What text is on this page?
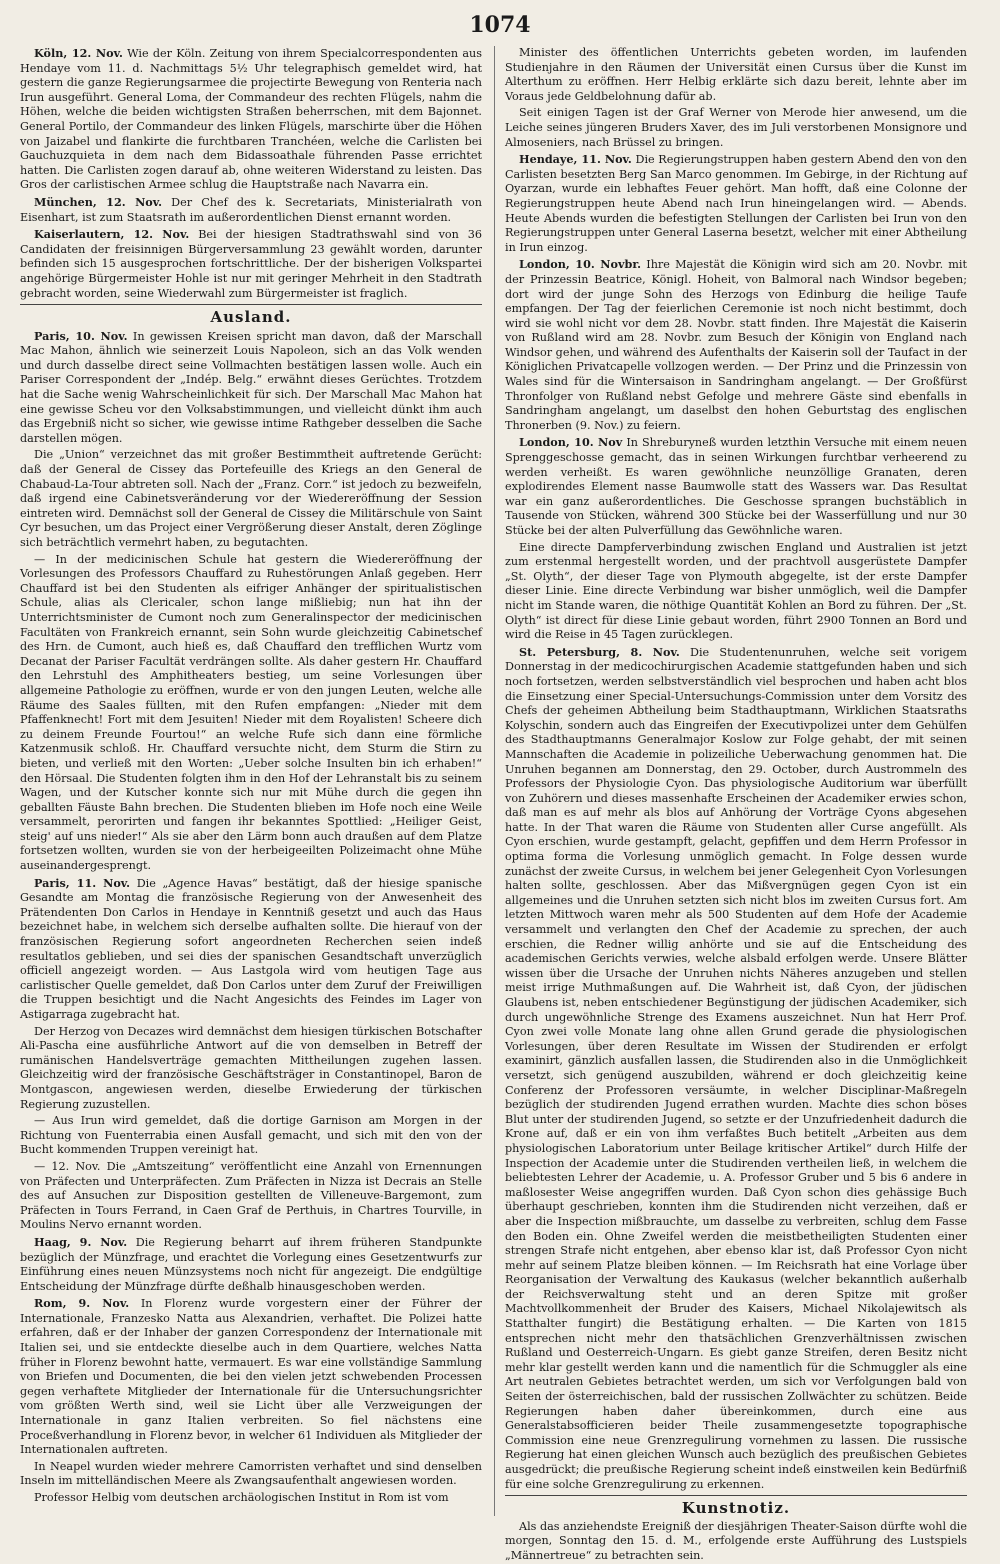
1074

Köln, 12. Nov. Wie der Köln. Zeitung von ihrem Specialcorrespondenten aus Hendaye vom 11. d. Nachmittags 5½ Uhr telegraphisch gemeldet wird, hat gestern die ganze Regierungsarmee die projectirte Bewegung von Renteria nach Irun ausgeführt. General Loma, der Commandeur des rechten Flügels, nahm die Höhen, welche die beiden wichtigsten Straßen beherrschen, mit dem Bajonnet. General Portilo, der Commandeur des linken Flügels, marschirte über die Höhen von Jaizabel und flankirte die furchtbaren Tranchéen, welche die Carlisten bei Gauchuzquieta in dem nach dem Bidassoathale führenden Passe errichtet hatten. Die Carlisten zogen darauf ab, ohne weiteren Widerstand zu leisten. Das Gros der carlistischen Armee schlug die Hauptstraße nach Navarra ein.

München, 12. Nov. Der Chef des k. Secretariats, Ministerialrath von Eisenhart, ist zum Staatsrath im außerordentlichen Dienst ernannt worden.

Kaiserlautern, 12. Nov. Bei der hiesigen Stadtrathswahl sind von 36 Candidaten der freisinnigen Bürgerversammlung 23 gewählt worden, darunter befinden sich 15 ausgesprochen fortschrittliche. Der der bisherigen Volkspartei angehörige Bürgermeister Hohle ist nur mit geringer Mehrheit in den Stadtrath gebracht worden, seine Wiederwahl zum Bürgermeister ist fraglich.

Ausland.

Paris, 10. Nov. In gewissen Kreisen spricht man davon, daß der Marschall Mac Mahon, ähnlich wie seinerzeit Louis Napoleon, sich an das Volk wenden und durch dasselbe direct seine Vollmachten bestätigen lassen wolle. Auch ein Pariser Correspondent der „Indép. Belg.“ erwähnt dieses Gerüchtes. Trotzdem hat die Sache wenig Wahrscheinlichkeit für sich. Der Marschall Mac Mahon hat eine gewisse Scheu vor den Volksabstimmungen, und vielleicht dünkt ihm auch das Ergebniß nicht so sicher, wie gewisse intime Rathgeber desselben die Sache darstellen mögen.

Die „Union“ verzeichnet das mit großer Bestimmtheit auftretende Gerücht: daß der General de Cissey das Portefeuille des Kriegs an den General de Chabaud-La-Tour abtreten soll. Nach der „Franz. Corr.“ ist jedoch zu bezweifeln, daß irgend eine Cabinetsveränderung vor der Wiedereröffnung der Session eintreten wird. Demnächst soll der General de Cissey die Militärschule von Saint Cyr besuchen, um das Project einer Vergrößerung dieser Anstalt, deren Zöglinge sich beträchtlich vermehrt haben, zu begutachten.

— In der medicinischen Schule hat gestern die Wiedereröffnung der Vorlesungen des Professors Chauffard zu Ruhestörungen Anlaß gegeben. Herr Chauffard ist bei den Studenten als eifriger Anhänger der spiritualistischen Schule, alias als Clericaler, schon lange mißliebig; nun hat ihn der Unterrichtsminister de Cumont noch zum Generalinspector der medicinischen Facultäten von Frankreich ernannt, sein Sohn wurde gleichzeitig Cabinetschef des Hrn. de Cumont, auch hieß es, daß Chauffard den trefflichen Wurtz vom Decanat der Pariser Facultät verdrängen sollte. Als daher gestern Hr. Chauffard den Lehrstuhl des Amphitheaters bestieg, um seine Vorlesungen über allgemeine Pathologie zu eröffnen, wurde er von den jungen Leuten, welche alle Räume des Saales füllten, mit den Rufen empfangen: „Nieder mit dem Pfaffenknecht! Fort mit dem Jesuiten! Nieder mit dem Royalisten! Scheere dich zu deinem Freunde Fourtou!“ an welche Rufe sich dann eine förmliche Katzenmusik schloß. Hr. Chauffard versuchte nicht, dem Sturm die Stirn zu bieten, und verließ mit den Worten: „Ueber solche Insulten bin ich erhaben!“ den Hörsaal. Die Studenten folgten ihm in den Hof der Lehranstalt bis zu seinem Wagen, und der Kutscher konnte sich nur mit Mühe durch die gegen ihn geballten Fäuste Bahn brechen. Die Studenten blieben im Hofe noch eine Weile versammelt, perorirten und fangen ihr bekanntes Spottlied: „Heiliger Geist, steig' auf uns nieder!“ Als sie aber den Lärm bonn auch draußen auf dem Platze fortsetzen wollten, wurden sie von der herbeigeeilten Polizeimacht ohne Mühe auseinandergesprengt.

Paris, 11. Nov. Die „Agence Havas“ bestätigt, daß der hiesige spanische Gesandte am Montag die französische Regierung von der Anwesenheit des Prätendenten Don Carlos in Hendaye in Kenntniß gesetzt und auch das Haus bezeichnet habe, in welchem sich derselbe aufhalten sollte. Die hierauf von der französischen Regierung sofort angeordneten Recherchen seien indeß resultatlos geblieben, und sei dies der spanischen Gesandtschaft unverzüglich officiell angezeigt worden. — Aus Lastgola wird vom heutigen Tage aus carlistischer Quelle gemeldet, daß Don Carlos unter dem Zuruf der Freiwilligen die Truppen besichtigt und die Nacht Angesichts des Feindes im Lager von Astigarraga zugebracht hat.

Der Herzog von Decazes wird demnächst dem hiesigen türkischen Botschafter Ali-Pascha eine ausführliche Antwort auf die von demselben in Betreff der rumänischen Handelsverträge gemachten Mittheilungen zugehen lassen. Gleichzeitig wird der französische Geschäftsträger in Constantinopel, Baron de Montgascon, angewiesen werden, dieselbe Erwiederung der türkischen Regierung zuzustellen.

— Aus Irun wird gemeldet, daß die dortige Garnison am Morgen in der Richtung von Fuenterrabia einen Ausfall gemacht, und sich mit den von der Bucht kommenden Truppen vereinigt hat.

— 12. Nov. Die „Amtszeitung“ veröffentlicht eine Anzahl von Ernennungen von Präfecten und Unterpräfecten. Zum Präfecten in Nizza ist Decrais an Stelle des auf Ansuchen zur Disposition gestellten de Villeneuve-Bargemont, zum Präfecten in Tours Ferrand, in Caen Graf de Perthuis, in Chartres Tourville, in Moulins Nervo ernannt worden.

Haag, 9. Nov. Die Regierung beharrt auf ihrem früheren Standpunkte bezüglich der Münzfrage, und erachtet die Vorlegung eines Gesetzentwurfs zur Einführung eines neuen Münzsystems noch nicht für angezeigt. Die endgültige Entscheidung der Münzfrage dürfte deßhalb hinausgeschoben werden.

Rom, 9. Nov. In Florenz wurde vorgestern einer der Führer der Internationale, Franzesko Natta aus Alexandrien, verhaftet. Die Polizei hatte erfahren, daß er der Inhaber der ganzen Correspondenz der Internationale mit Italien sei, und sie entdeckte dieselbe auch in dem Quartiere, welches Natta früher in Florenz bewohnt hatte, vermauert. Es war eine vollständige Sammlung von Briefen und Documenten, die bei den vielen jetzt schwebenden Processen gegen verhaftete Mitglieder der Internationale für die Untersuchungsrichter vom größten Werth sind, weil sie Licht über alle Verzweigungen der Internationale in ganz Italien verbreiten. So fiel nächstens eine Proceßverhandlung in Florenz bevor, in welcher 61 Individuen als Mitglieder der Internationalen auftreten.

In Neapel wurden wieder mehrere Camorristen verhaftet und sind denselben Inseln im mittelländischen Meere als Zwangsaufenthalt angewiesen worden.

Professor Helbig vom deutschen archäologischen Institut in Rom ist vom

Minister des öffentlichen Unterrichts gebeten worden, im laufenden Studienjahre in den Räumen der Universität einen Cursus über die Kunst im Alterthum zu eröffnen. Herr Helbig erklärte sich dazu bereit, lehnte aber im Voraus jede Geldbelohnung dafür ab.

Seit einigen Tagen ist der Graf Werner von Merode hier anwesend, um die Leiche seines jüngeren Bruders Xaver, des im Juli verstorbenen Monsignore und Almoseniers, nach Brüssel zu bringen.

Hendaye, 11. Nov. Die Regierungstruppen haben gestern Abend den von den Carlisten besetzten Berg San Marco genommen. Im Gebirge, in der Richtung auf Oyarzan, wurde ein lebhaftes Feuer gehört. Man hofft, daß eine Colonne der Regierungstruppen heute Abend nach Irun hineingelangen wird. — Abends. Heute Abends wurden die befestigten Stellungen der Carlisten bei Irun von den Regierungstruppen unter General Laserna besetzt, welcher mit einer Abtheilung in Irun einzog.

London, 10. Novbr. Ihre Majestät die Königin wird sich am 20. Novbr. mit der Prinzessin Beatrice, Königl. Hoheit, von Balmoral nach Windsor begeben; dort wird der junge Sohn des Herzogs von Edinburg die heilige Taufe empfangen. Der Tag der feierlichen Ceremonie ist noch nicht bestimmt, doch wird sie wohl nicht vor dem 28. Novbr. statt finden. Ihre Majestät die Kaiserin von Rußland wird am 28. Novbr. zum Besuch der Königin von England nach Windsor gehen, und während des Aufenthalts der Kaiserin soll der Taufact in der Königlichen Privatcapelle vollzogen werden. — Der Prinz und die Prinzessin von Wales sind für die Wintersaison in Sandringham angelangt. — Der Großfürst Thronfolger von Rußland nebst Gefolge und mehrere Gäste sind ebenfalls in Sandringham angelangt, um daselbst den hohen Geburtstag des englischen Thronerben (9. Nov.) zu feiern.

London, 10. Nov In Shreburyneß wurden letzthin Versuche mit einem neuen Sprenggeschosse gemacht, das in seinen Wirkungen furchtbar verheerend zu werden verheißt. Es waren gewöhnliche neunzöllige Granaten, deren explodirendes Element nasse Baumwolle statt des Wassers war. Das Resultat war ein ganz außerordentliches. Die Geschosse sprangen buchstäblich in Tausende von Stücken, während 300 Stücke bei der Wasserfüllung und nur 30 Stücke bei der alten Pulverfüllung das Gewöhnliche waren.

Eine directe Dampferverbindung zwischen England und Australien ist jetzt zum erstenmal hergestellt worden, und der prachtvoll ausgerüstete Dampfer „St. Olyth“, der dieser Tage von Plymouth abgegelte, ist der erste Dampfer dieser Linie. Eine directe Verbindung war bisher unmöglich, weil die Dampfer nicht im Stande waren, die nöthige Quantität Kohlen an Bord zu führen. Der „St. Olyth“ ist direct für diese Linie gebaut worden, führt 2900 Tonnen an Bord und wird die Reise in 45 Tagen zurücklegen.

St. Petersburg, 8. Nov. Die Studentenunruhen, welche seit vorigem Donnerstag in der medicochirurgischen Academie stattgefunden haben und sich noch fortsetzen, werden selbstverständlich viel besprochen und haben acht blos die Einsetzung einer Special-Untersuchungs-Commission unter dem Vorsitz des Chefs der geheimen Abtheilung beim Stadthauptmann, Wirklichen Staatsraths Kolyschin, sondern auch das Eingreifen der Executivpolizei unter dem Gehülfen des Stadthauptmanns Generalmajor Koslow zur Folge gehabt, der mit seinen Mannschaften die Academie in polizeiliche Ueberwachung genommen hat. Die Unruhen begannen am Donnerstag, den 29. October, durch Austrommeln des Professors der Physiologie Cyon. Das physiologische Auditorium war überfüllt von Zuhörern und dieses massenhafte Erscheinen der Academiker erwies schon, daß man es auf mehr als blos auf Anhörung der Vorträge Cyons abgesehen hatte. In der That waren die Räume von Studenten aller Curse angefüllt. Als Cyon erschien, wurde gestampft, gelacht, gepfiffen und dem Herrn Professor in optima forma die Vorlesung unmöglich gemacht. In Folge dessen wurde zunächst der zweite Cursus, in welchem bei jener Gelegenheit Cyon Vorlesungen halten sollte, geschlossen. Aber das Mißvergnügen gegen Cyon ist ein allgemeines und die Unruhen setzten sich nicht blos im zweiten Cursus fort. Am letzten Mittwoch waren mehr als 500 Studenten auf dem Hofe der Academie versammelt und verlangten den Chef der Academie zu sprechen, der auch erschien, die Redner willig anhörte und sie auf die Entscheidung des academischen Gerichts verwies, welche alsbald erfolgen werde. Unsere Blätter wissen über die Ursache der Unruhen nichts Näheres anzugeben und stellen meist irrige Muthmaßungen auf. Die Wahrheit ist, daß Cyon, der jüdischen Glaubens ist, neben entschiedener Begünstigung der jüdischen Academiker, sich durch ungewöhnliche Strenge des Examens auszeichnet. Nun hat Herr Prof. Cyon zwei volle Monate lang ohne allen Grund gerade die physiologischen Vorlesungen, über deren Resultate im Wissen der Studirenden er erfolgt examinirt, gänzlich ausfallen lassen, die Studirenden also in die Unmöglichkeit versetzt, sich genügend auszubilden, während er doch gleichzeitig keine Conferenz der Professoren versäumte, in welcher Disciplinar-Maßregeln bezüglich der studirenden Jugend errathen wurden. Machte dies schon böses Blut unter der studirenden Jugend, so setzte er der Unzufriedenheit dadurch die Krone auf, daß er ein von ihm verfaßtes Buch betitelt „Arbeiten aus dem physiologischen Laboratorium unter Beilage kritischer Artikel“ durch Hilfe der Inspection der Academie unter die Studirenden vertheilen ließ, in welchem die beliebtesten Lehrer der Academie, u. A. Professor Gruber und 5 bis 6 andere in maßlosester Weise angegriffen wurden. Daß Cyon schon dies gehässige Buch überhaupt geschrieben, konnten ihm die Studirenden nicht verzeihen, daß er aber die Inspection mißbrauchte, um dasselbe zu verbreiten, schlug dem Fasse den Boden ein. Ohne Zweifel werden die meistbetheiligten Studenten einer strengen Strafe nicht entgehen, aber ebenso klar ist, daß Professor Cyon nicht mehr auf seinem Platze bleiben können. — Im Reichsrath hat eine Vorlage über Reorganisation der Verwaltung des Kaukasus (welcher bekanntlich außerhalb der Reichsverwaltung steht und an deren Spitze mit großer Machtvollkommenheit der Bruder des Kaisers, Michael Nikolajewitsch als Statthalter fungirt) die Bestätigung erhalten. — Die Karten von 1815 entsprechen nicht mehr den thatsächlichen Grenzverhältnissen zwischen Rußland und Oesterreich-Ungarn. Es giebt ganze Streifen, deren Besitz nicht mehr klar gestellt werden kann und die namentlich für die Schmuggler als eine Art neutralen Gebietes betrachtet werden, um sich vor Verfolgungen bald von Seiten der österreichischen, bald der russischen Zollwächter zu schützen. Beide Regierungen haben daher übereinkommen, durch eine aus Generalstabsofficieren beider Theile zusammengesetzte topographische Commission eine neue Grenzregulirung vornehmen zu lassen. Die russische Regierung hat einen gleichen Wunsch auch bezüglich des preußischen Gebietes ausgedrückt; die preußische Regierung scheint indeß einstweilen kein Bedürfniß für eine solche Grenzregulirung zu erkennen.

Kunstnotiz.

Als das anziehendste Ereigniß der diesjährigen Theater-Saison dürfte wohl die morgen, Sonntag den 15. d. M., erfolgende erste Aufführung des Lustspiels „Männertreue“ zu betrachten sein.
